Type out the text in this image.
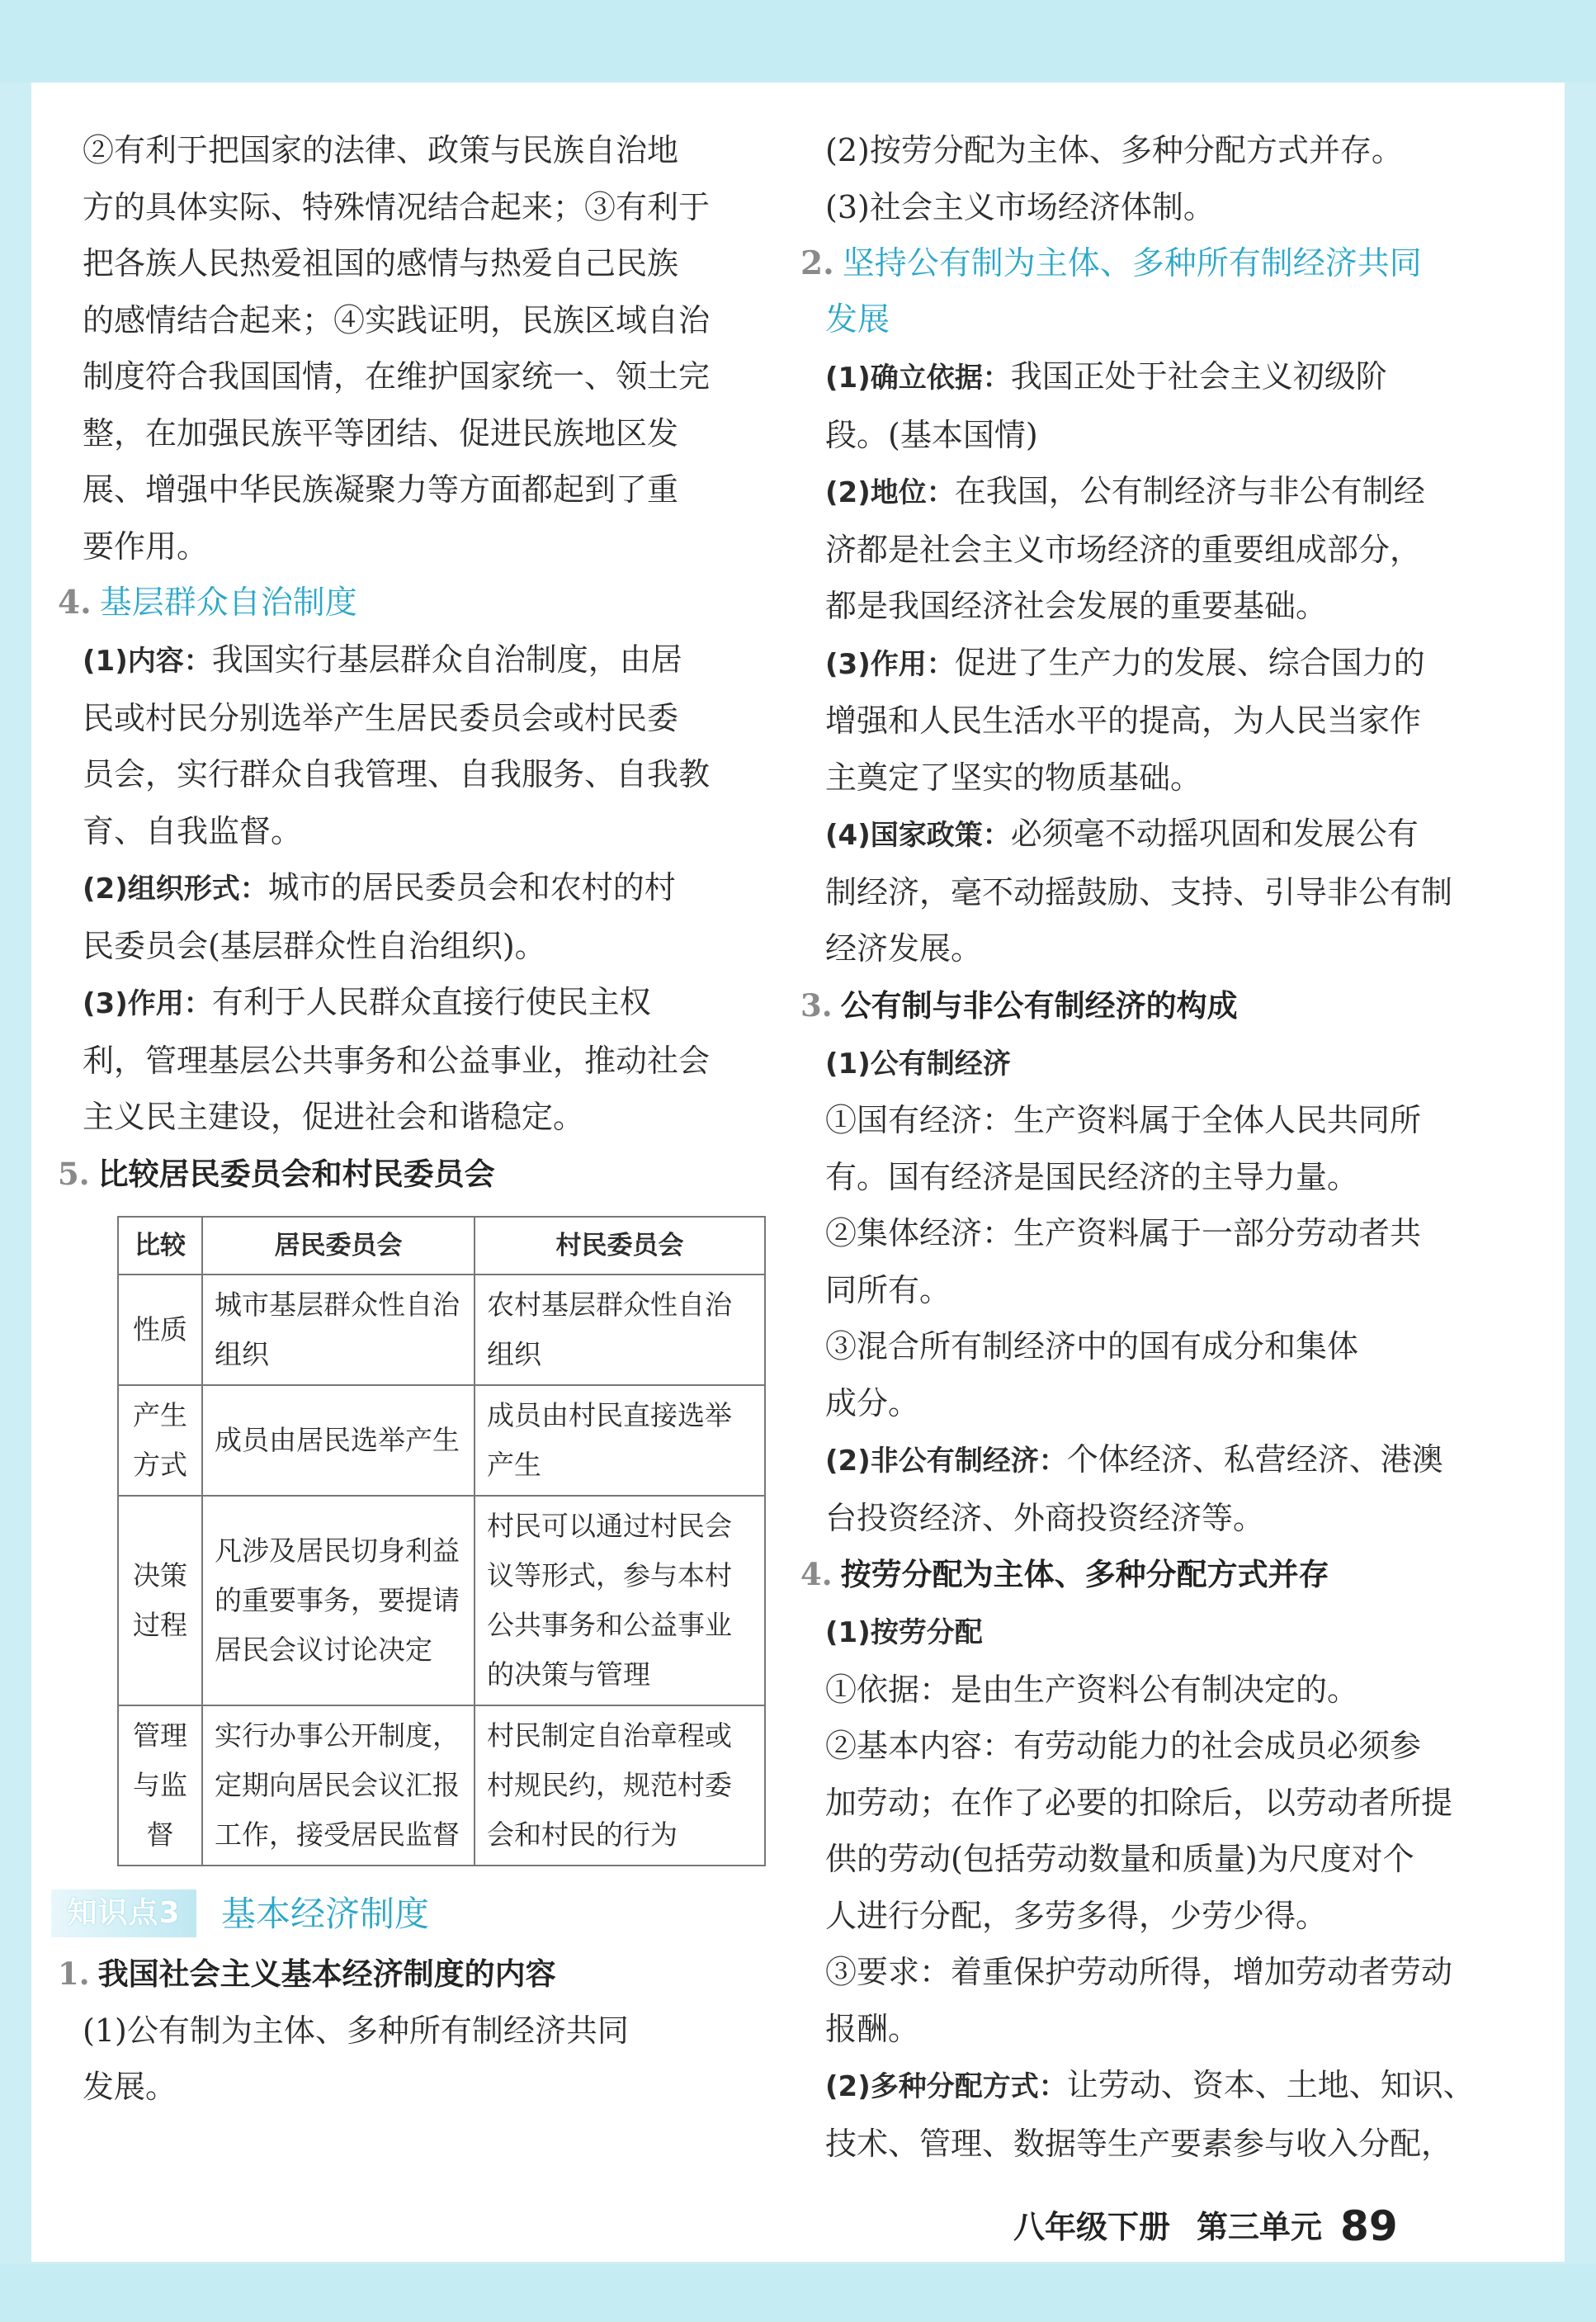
②有利于把国家的法律、政策与民族自治地

方的具体实际、特殊情况结合起来；③有利于

把各族人民热爱祖国的感情与热爱自己民族

的感情结合起来；④实践证明，民族区域自治

制度符合我国国情，在维护国家统一、领土完

整，在加强民族平等团结、促进民族地区发

展、增强中华民族凝聚力等方面都起到了重

要作用。

4. 基层群众自治制度

(1)内容：我国实行基层群众自治制度，由居

民或村民分别选举产生居民委员会或村民委

员会，实行群众自我管理、自我服务、自我教

育、自我监督。

(2)组织形式：城市的居民委员会和农村的村

民委员会(基层群众性自治组织)。

(3)作用：有利于人民群众直接行使民主权

利，管理基层公共事务和公益事业，推动社会

主义民主建设，促进社会和谐稳定。

5. 比较居民委员会和村民委员会

比较	居民委员会	村民委员会
性质	城市基层群众性自治组织	农村基层群众性自治组织
产生方式	成员由居民选举产生	成员由村民直接选举产生
决策过程	凡涉及居民切身利益的重要事务，要提请居民会议讨论决定	村民可以通过村民会议等形式，参与本村公共事务和公益事业的决策与管理
管理与监督	实行办事公开制度，定期向居民会议汇报工作，接受居民监督	村民制定自治章程或村规民约，规范村委会和村民的行为
知识点3	基本经济制度

1. 我国社会主义基本经济制度的内容

(1)公有制为主体、多种所有制经济共同

发展。

(2)按劳分配为主体、多种分配方式并存。

(3)社会主义市场经济体制。

2. 坚持公有制为主体、多种所有制经济共同

发展

(1)确立依据：我国正处于社会主义初级阶

段。(基本国情)

(2)地位：在我国，公有制经济与非公有制经

济都是社会主义市场经济的重要组成部分，

都是我国经济社会发展的重要基础。

(3)作用：促进了生产力的发展、综合国力的

增强和人民生活水平的提高，为人民当家作

主奠定了坚实的物质基础。

(4)国家政策：必须毫不动摇巩固和发展公有

制经济，毫不动摇鼓励、支持、引导非公有制

经济发展。

3. 公有制与非公有制经济的构成

(1)公有制经济

①国有经济：生产资料属于全体人民共同所

有。国有经济是国民经济的主导力量。

②集体经济：生产资料属于一部分劳动者共

同所有。

③混合所有制经济中的国有成分和集体

成分。

(2)非公有制经济：个体经济、私营经济、港澳

台投资经济、外商投资经济等。

4. 按劳分配为主体、多种分配方式并存

(1)按劳分配

①依据：是由生产资料公有制决定的。

②基本内容：有劳动能力的社会成员必须参

加劳动；在作了必要的扣除后，以劳动者所提

供的劳动(包括劳动数量和质量)为尺度对个

人进行分配，多劳多得，少劳少得。

③要求：着重保护劳动所得，增加劳动者劳动

报酬。

(2)多种分配方式：让劳动、资本、土地、知识、

技术、管理、数据等生产要素参与收入分配，

八年级下册 第三单元 89
